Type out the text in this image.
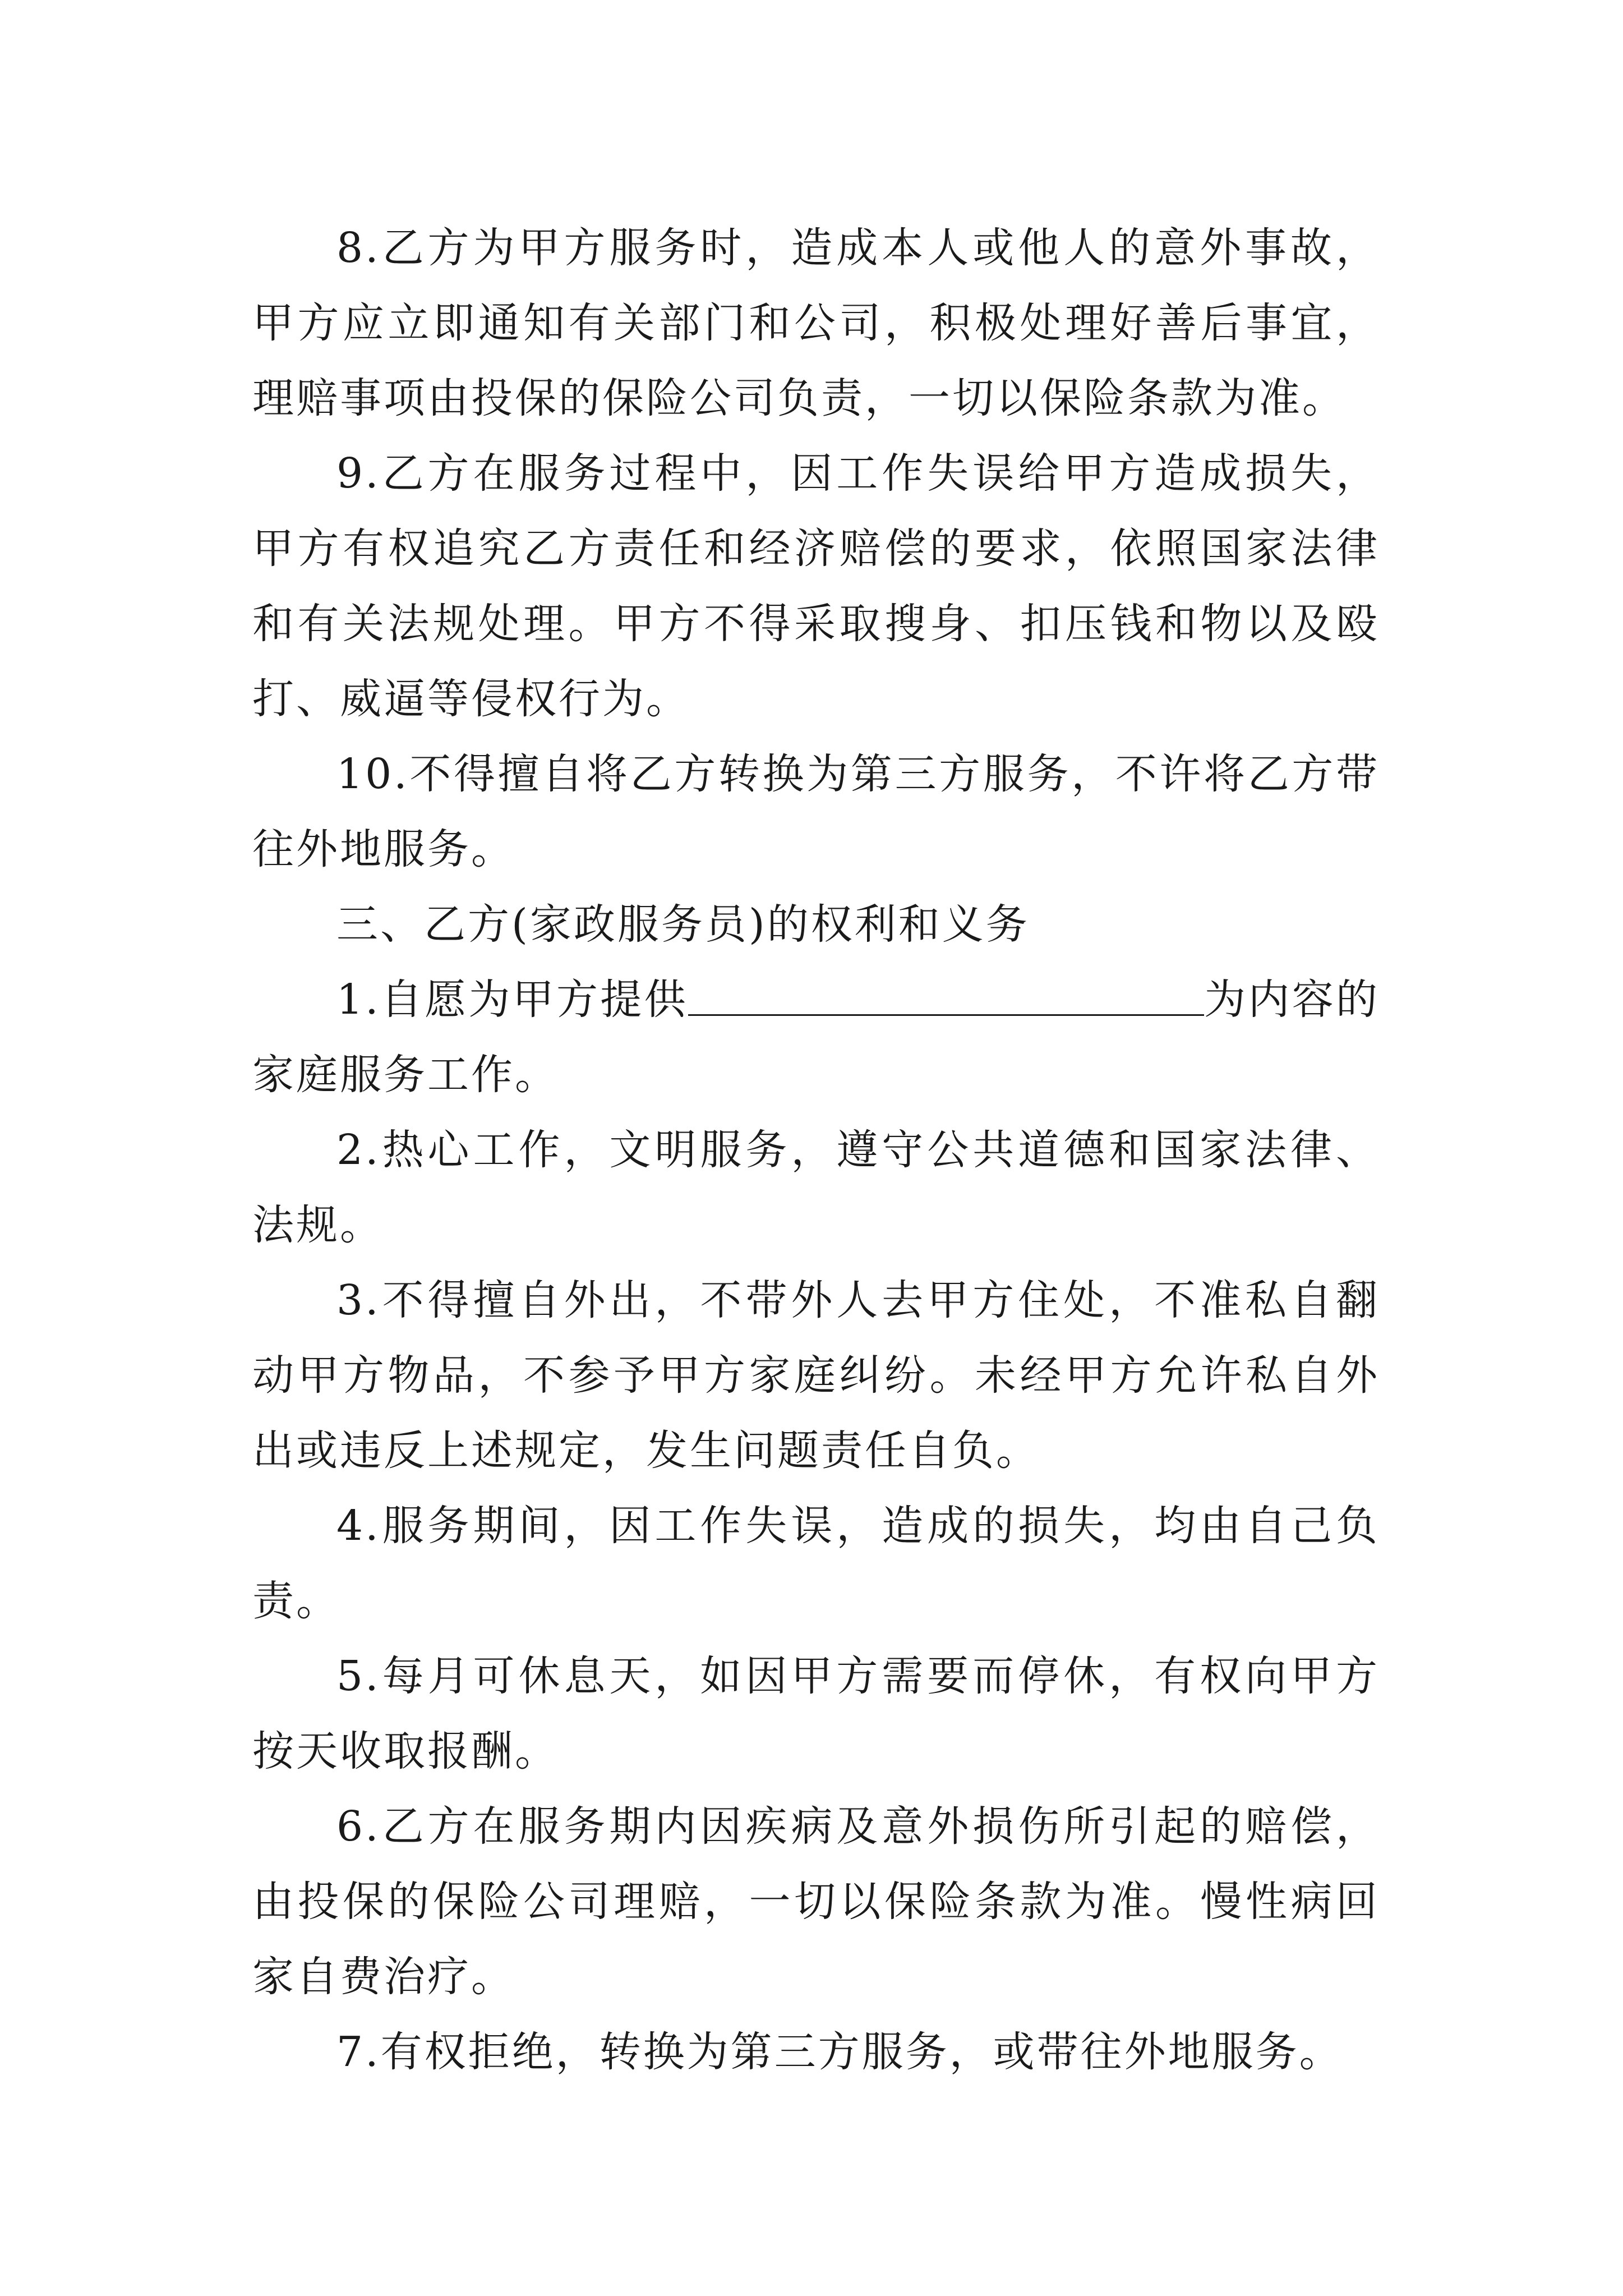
8.乙方为甲方服务时，造成本人或他人的意外事故，甲方应立即通知有关部门和公司，积极处理好善后事宜，理赔事项由投保的保险公司负责，一切以保险条款为准。

9.乙方在服务过程中，因工作失误给甲方造成损失，甲方有权追究乙方责任和经济赔偿的要求，依照国家法律和有关法规处理。甲方不得采取搜身、扣压钱和物以及殴打、威逼等侵权行为。

10.不得擅自将乙方转换为第三方服务，不许将乙方带往外地服务。

三、乙方(家政服务员)的权利和义务

1.自愿为甲方提供	为内容的家庭服务工作。

2.热心工作，文明服务，遵守公共道德和国家法律、法规。

3.不得擅自外出，不带外人去甲方住处，不准私自翻动甲方物品，不参予甲方家庭纠纷。未经甲方允许私自外出或违反上述规定，发生问题责任自负。

4.服务期间，因工作失误，造成的损失，均由自己负责。

5.每月可休息天，如因甲方需要而停休，有权向甲方按天收取报酬。

6.乙方在服务期内因疾病及意外损伤所引起的赔偿，由投保的保险公司理赔，一切以保险条款为准。慢性病回家自费治疗。

7.有权拒绝，转换为第三方服务，或带往外地服务。
